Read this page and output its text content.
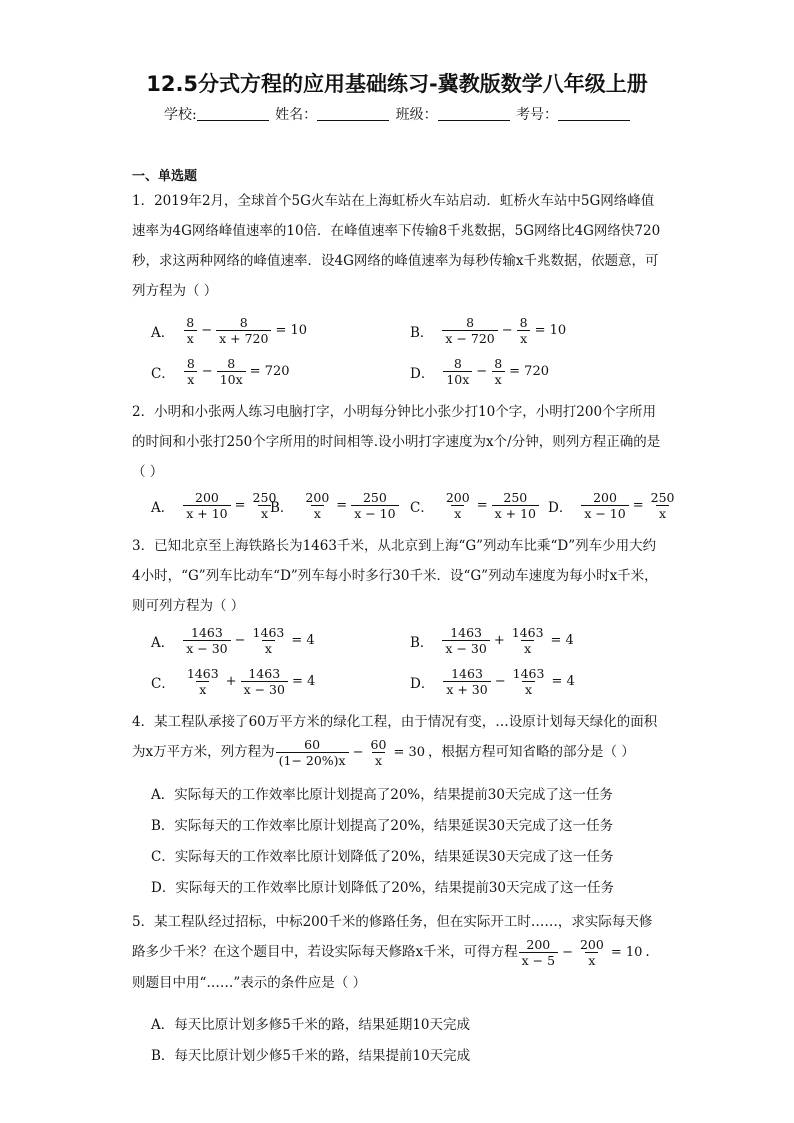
12.5分式方程的应用基础练习-冀教版数学八年级上册
学校:	姓名：	班级：	考号：
一、单选题
1．2019年2月，全球首个5G火车站在上海虹桥火车站启动．虹桥火车站中5G网络峰值速率为4G网络峰值速率的10倍．在峰值速率下传输8千兆数据，5G网络比4G网络快720秒，求这两种网络的峰值速率．设4G网络的峰值速率为每秒传输x千兆数据，依题意，可列方程为（ ）
A． $\frac{8}{x} - \frac{8}{x + 720} = 10$	B． $\frac{8}{x - 720} - \frac{8}{x} = 10$
C． $\frac{8}{x} - \frac{8}{10x} = 720$	D． $\frac{8}{10x} - \frac{8}{x} = 720$
2．小明和小张两人练习电脑打字，小明每分钟比小张少打10个字，小明打200个字所用的时间和小张打250个字所用的时间相等.设小明打字速度为x个/分钟，则列方程正确的是（ ）
A． $\frac{200}{x + 10} = \frac{250}{x}$
B． $\frac{200}{x} = \frac{250}{x - 10}$ C． $\frac{200}{x} = \frac{250}{x + 10}$ D． $\frac{200}{x - 10} = \frac{250}{x}$
3．已知北京至上海铁路长为1463千米，从北京到上海“G”列动车比乘“D”列车少用大约4小时，“G”列车比动车“D”列车每小时多行30千米．设“G”列动车速度为每小时x千米，则可列方程为（ ）
A． $\frac{1463}{x - 30} - \frac{1463}{x} = 4$	B． $\frac{1463}{x - 30} + \frac{1463}{x} = 4$
C． $\frac{1463}{x} + \frac{1463}{x - 30} = 4$	D． $\frac{1463}{x + 30} - \frac{1463}{x} = 4$
4．某工程队承接了60万平方米的绿化工程，由于情况有变，…设原计划每天绿化的面积为x万平方米，列方程为 $\frac{60}{(1- 20\%)x} - \frac{60}{x} = 30$ ，根据方程可知省略的部分是（ ）
A．实际每天的工作效率比原计划提高了20%，结果提前30天完成了这一任务
B．实际每天的工作效率比原计划提高了20%，结果延误30天完成了这一任务
C．实际每天的工作效率比原计划降低了20%，结果延误30天完成了这一任务
D．实际每天的工作效率比原计划降低了20%，结果提前30天完成了这一任务
5．某工程队经过招标，中标200千米的修路任务，但在实际开工时……，求实际每天修路多少千米？在这个题目中，若设实际每天修路x千米，可得方程 $\frac{200}{x - 5} - \frac{200}{x} = 10$ .则题目中用“……”表示的条件应是（ ）
A．每天比原计划多修5千米的路，结果延期10天完成
B．每天比原计划少修5千米的路，结果提前10天完成
